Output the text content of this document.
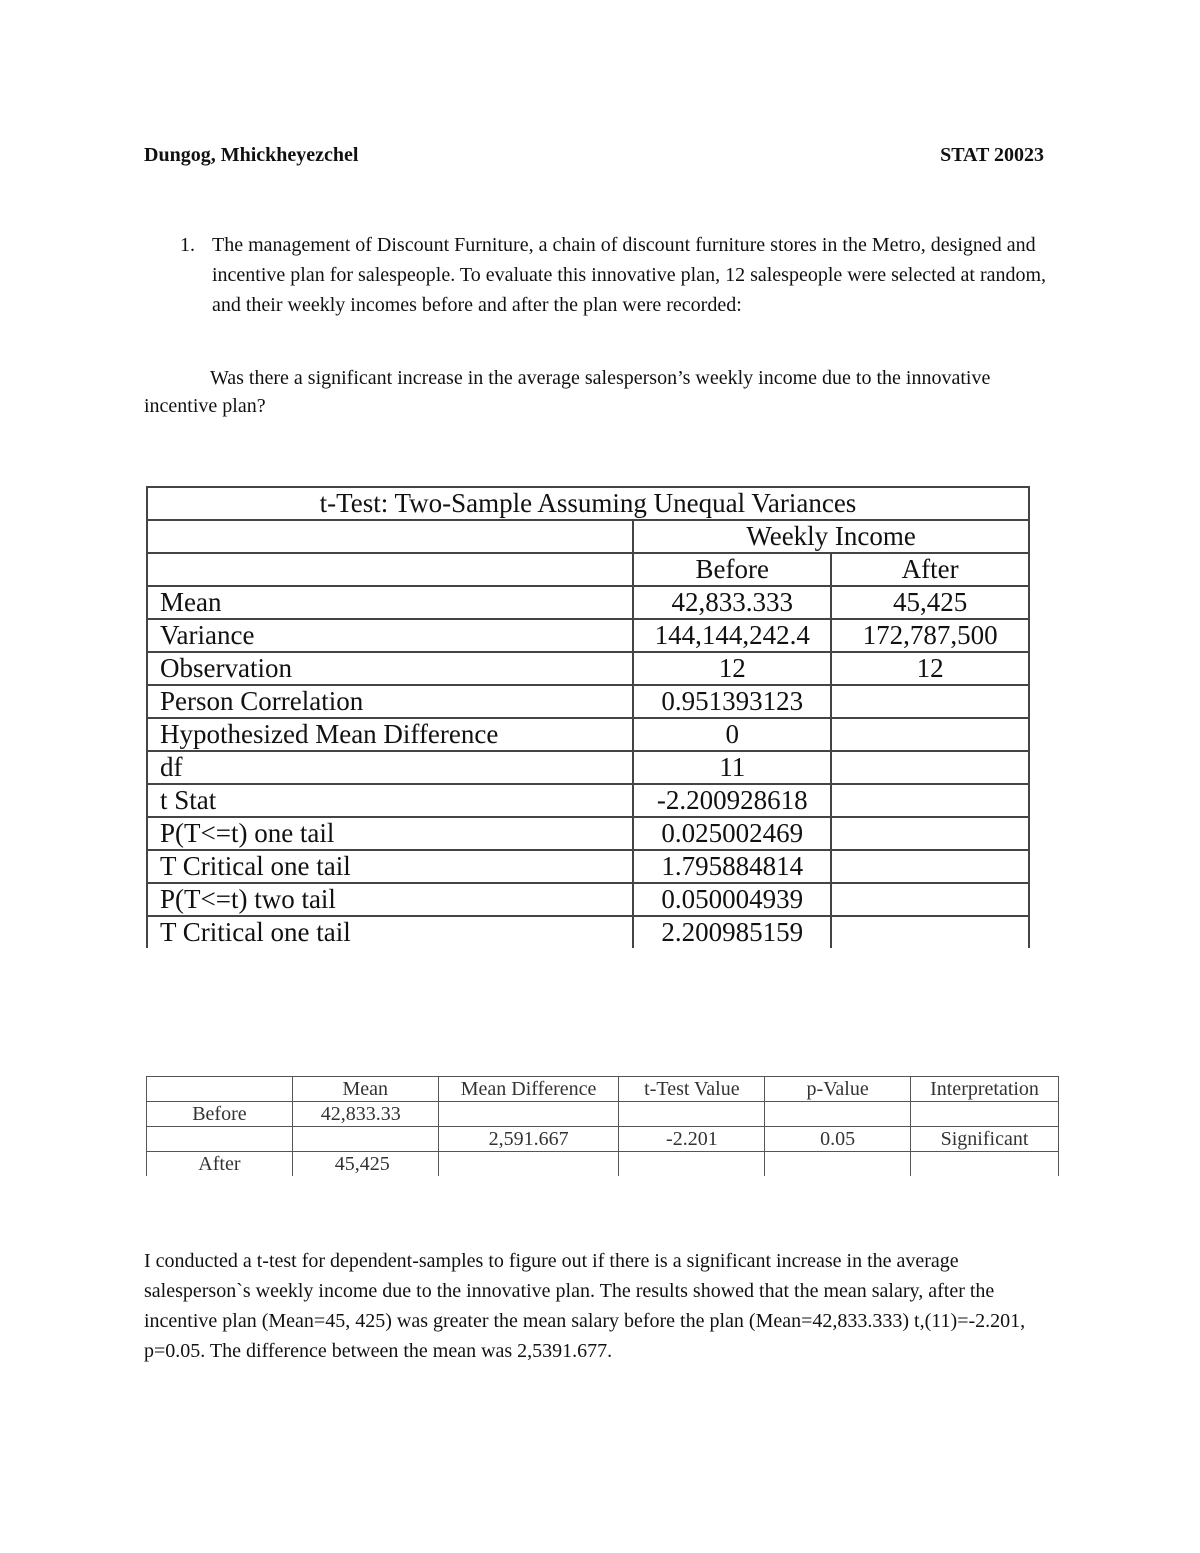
Dungog, Mhickheyezchel	STAT 20023
1. The management of Discount Furniture, a chain of discount furniture stores in the Metro, designed and incentive plan for salespeople. To evaluate this innovative plan, 12 salespeople were selected at random, and their weekly incomes before and after the plan were recorded:
Was there a significant increase in the average salesperson’s weekly income due to the innovative incentive plan?
t-Test: Two-Sample Assuming Unequal Variances		
	Weekly Income	
	Before	After
Mean	42,833.333	45,425
Variance	144,144,242.4	172,787,500
Observation	12	12
Person Correlation	0.951393123	
Hypothesized Mean Difference	0	
df	11	
t Stat	-2.200928618	
P(T<=t) one tail	0.025002469	
T Critical one tail	1.795884814	
P(T<=t) two tail	0.050004939	
T Critical one tail	2.200985159	
	Mean	Mean Difference	t-Test Value	p-Value	Interpretation
Before	42,833.33				
		2,591.667	-2.201	0.05	Significant
After	45,425				
I conducted a t-test for dependent-samples to figure out if there is a significant increase in the average salesperson`s weekly income due to the innovative plan. The results showed that the mean salary, after the incentive plan (Mean=45, 425) was greater the mean salary before the plan (Mean=42,833.333) t,(11)=-2.201, p=0.05. The difference between the mean was 2,5391.677.
